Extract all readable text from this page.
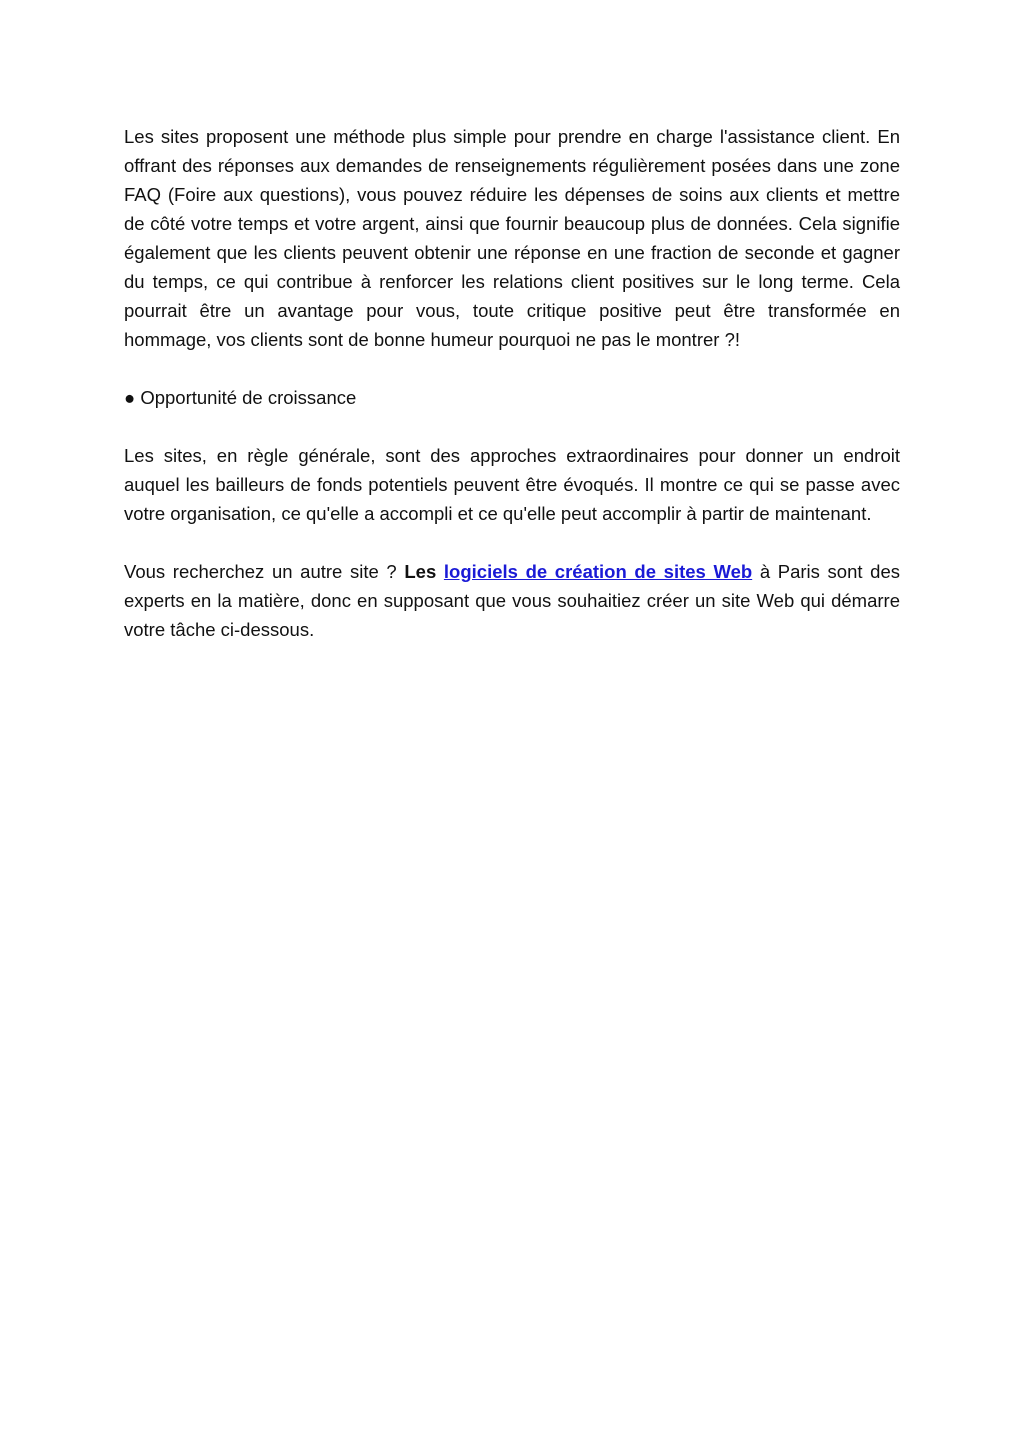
Les sites proposent une méthode plus simple pour prendre en charge l'assistance client. En offrant des réponses aux demandes de renseignements régulièrement posées dans une zone FAQ (Foire aux questions), vous pouvez réduire les dépenses de soins aux clients et mettre de côté votre temps et votre argent, ainsi que fournir beaucoup plus de données. Cela signifie également que les clients peuvent obtenir une réponse en une fraction de seconde et gagner du temps, ce qui contribue à renforcer les relations client positives sur le long terme. Cela pourrait être un avantage pour vous, toute critique positive peut être transformée en hommage, vos clients sont de bonne humeur pourquoi ne pas le montrer ?!

● Opportunité de croissance

Les sites, en règle générale, sont des approches extraordinaires pour donner un endroit auquel les bailleurs de fonds potentiels peuvent être évoqués. Il montre ce qui se passe avec votre organisation, ce qu'elle a accompli et ce qu'elle peut accomplir à partir de maintenant.

Vous recherchez un autre site ? Les logiciels de création de sites Web à Paris sont des experts en la matière, donc en supposant que vous souhaitiez créer un site Web qui démarre votre tâche ci-dessous.
